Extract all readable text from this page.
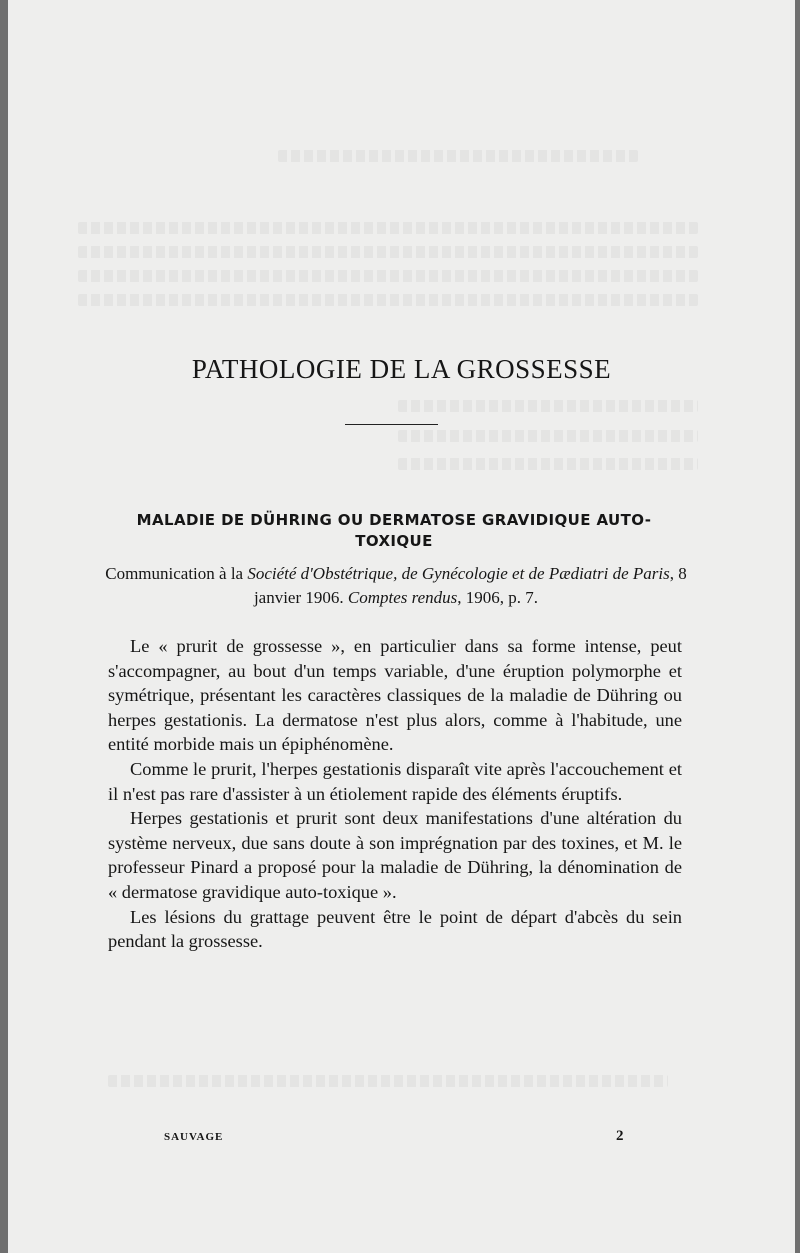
PATHOLOGIE DE LA GROSSESSE
MALADIE DE DÜHRING OU DERMATOSE GRAVIDIQUE AUTO-TOXIQUE

Communication à la Société d'Obstétrique, de Gynécologie et de Pædiatri de Paris, 8 janvier 1906. Comptes rendus, 1906, p. 7.

Le « prurit de grossesse », en particulier dans sa forme intense, peut s'accompagner, au bout d'un temps variable, d'une éruption polymorphe et symétrique, présentant les caractères classiques de la maladie de Dühring ou herpes gestationis. La dermatose n'est plus alors, comme à l'habitude, une entité morbide mais un épiphénomène.

Comme le prurit, l'herpes gestationis disparaît vite après l'accouchement et il n'est pas rare d'assister à un étiolement rapide des éléments éruptifs.

Herpes gestationis et prurit sont deux manifestations d'une altération du système nerveux, due sans doute à son imprégnation par des toxines, et M. le professeur Pinard a proposé pour la maladie de Dühring, la dénomination de « dermatose gravidique auto-toxique ».

Les lésions du grattage peuvent être le point de départ d'abcès du sein pendant la grossesse.

SAUVAGE	2
